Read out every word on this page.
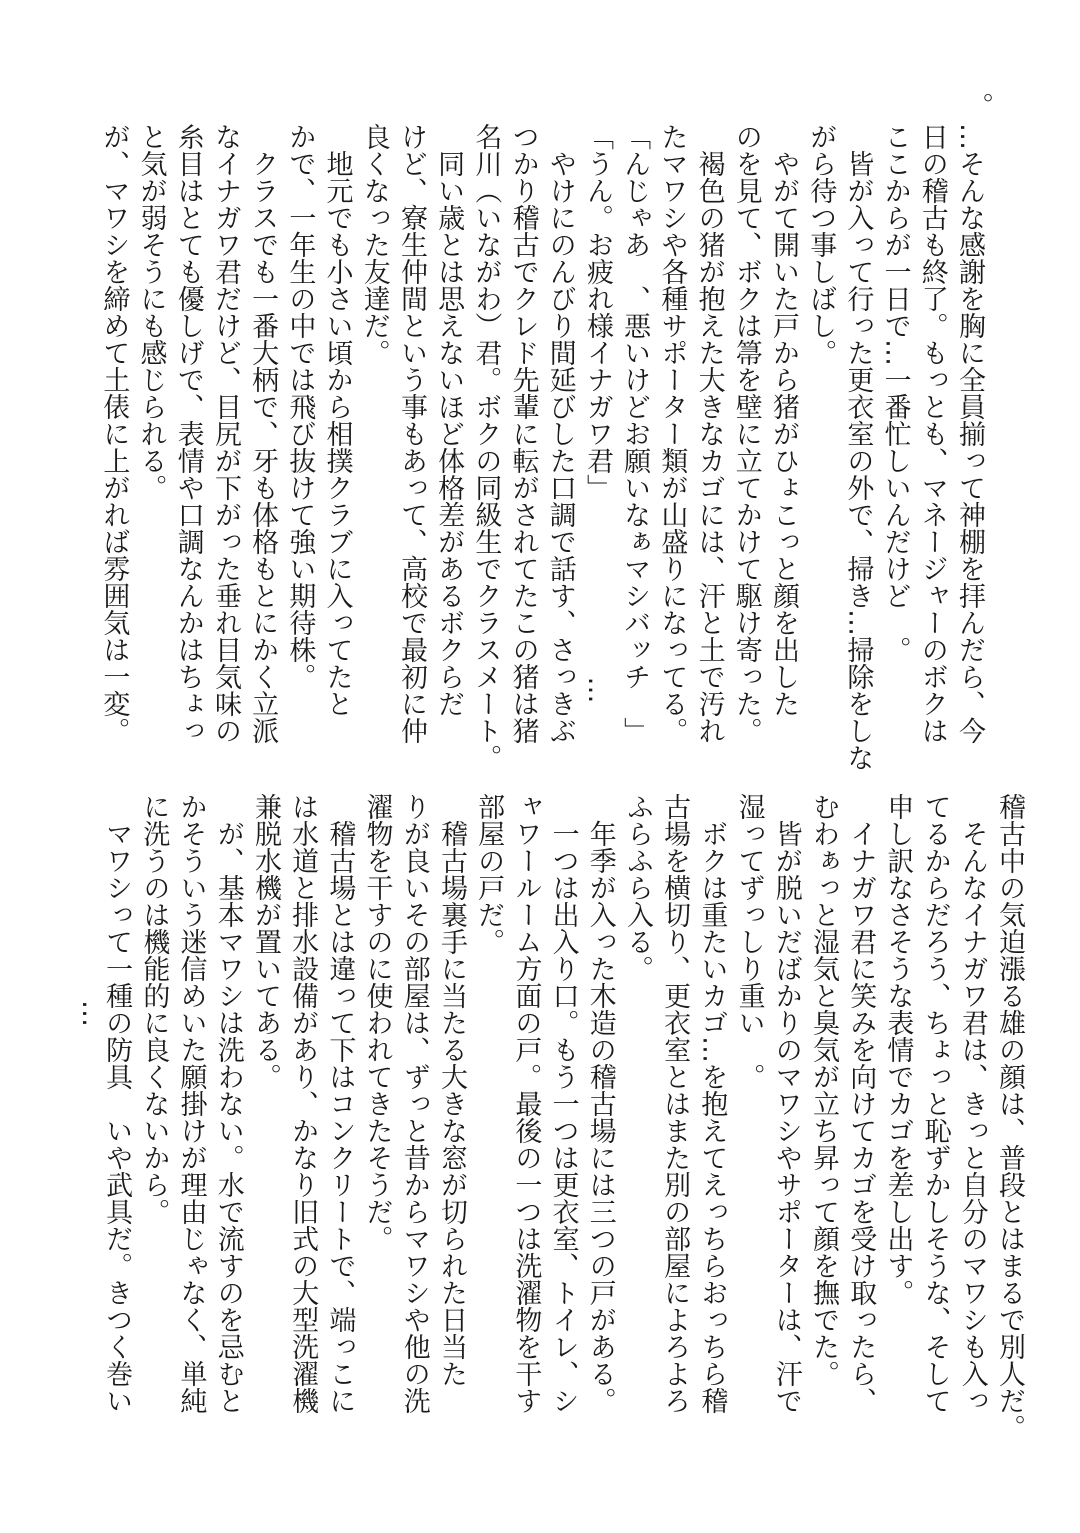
。
…そんな感謝を胸に全員揃って神棚を拝んだら、今
日の稽古も終了。もっとも、マネージャーのボクは
ここからが一日で…一番忙しいんだけど　。
　皆が入って行った更衣室の外で、掃き…掃除をしな
がら待つ事しばし。
　やがて開いた戸から猪がひょこっと顔を出した
のを見て、ボクは箒を壁に立てかけて駆け寄った。
　褐色の猪が抱えた大きなカゴには、汗と土で汚れ
たマワシや各種サポーター類が山盛りになってる。
「んじゃあ　、悪いけどお願いなぁマシバッチ　」
「うん。お疲れ様イナガワ君」　　　　　　　…
　やけにのんびり間延びした口調で話す、さっきぶ
つかり稽古でクレド先輩に転がされてたこの猪は猪
名川（いながわ）君。ボクの同級生でクラスメート。
　同い歳とは思えないほど体格差があるボクらだ
けど、寮生仲間という事もあって、高校で最初に仲
良くなった友達だ。
　地元でも小さい頃から相撲クラブに入ってたと
かで、一年生の中では飛び抜けて強い期待株。
　クラスでも一番大柄で、牙も体格もとにかく立派
なイナガワ君だけど、目尻が下がった垂れ目気味の
糸目はとても優しげで、表情や口調なんかはちょっ
と気が弱そうにも感じられる。
が、マワシを締めて土俵に上がれば雰囲気は一変。
稽古中の気迫漲る雄の顔は、普段とはまるで別人だ。
　そんなイナガワ君は、きっと自分のマワシも入っ
てるからだろう、ちょっと恥ずかしそうな、そして
申し訳なさそうな表情でカゴを差し出す。
　イナガワ君に笑みを向けてカゴを受け取ったら、
むわぁっと湿気と臭気が立ち昇って顔を撫でた。
　皆が脱いだばかりのマワシやサポーターは、汗で
湿ってずっしり重い　。
　ボクは重たいカゴ…を抱えてえっちらおっちら稽
古場を横切り、更衣室とはまた別の部屋によろよろ
ふらふら入る。
　年季が入った木造の稽古場には三つの戸がある。
　一つは出入り口。もう一つは更衣室、トイレ、シ
ャワールーム方面の戸。最後の一つは洗濯物を干す
部屋の戸だ。
　稽古場裏手に当たる大きな窓が切られた日当た
りが良いその部屋は、ずっと昔からマワシや他の洗
濯物を干すのに使われてきたそうだ。
　稽古場とは違って下はコンクリートで、端っこに
は水道と排水設備があり、かなり旧式の大型洗濯機
兼脱水機が置いてある。
　が、基本マワシは洗わない。水で流すのを忌むと
かそういう迷信めいた願掛けが理由じゃなく、単純
に洗うのは機能的に良くないから。
　マワシって一種の防具　いや武具だ。きつく巻い
…
